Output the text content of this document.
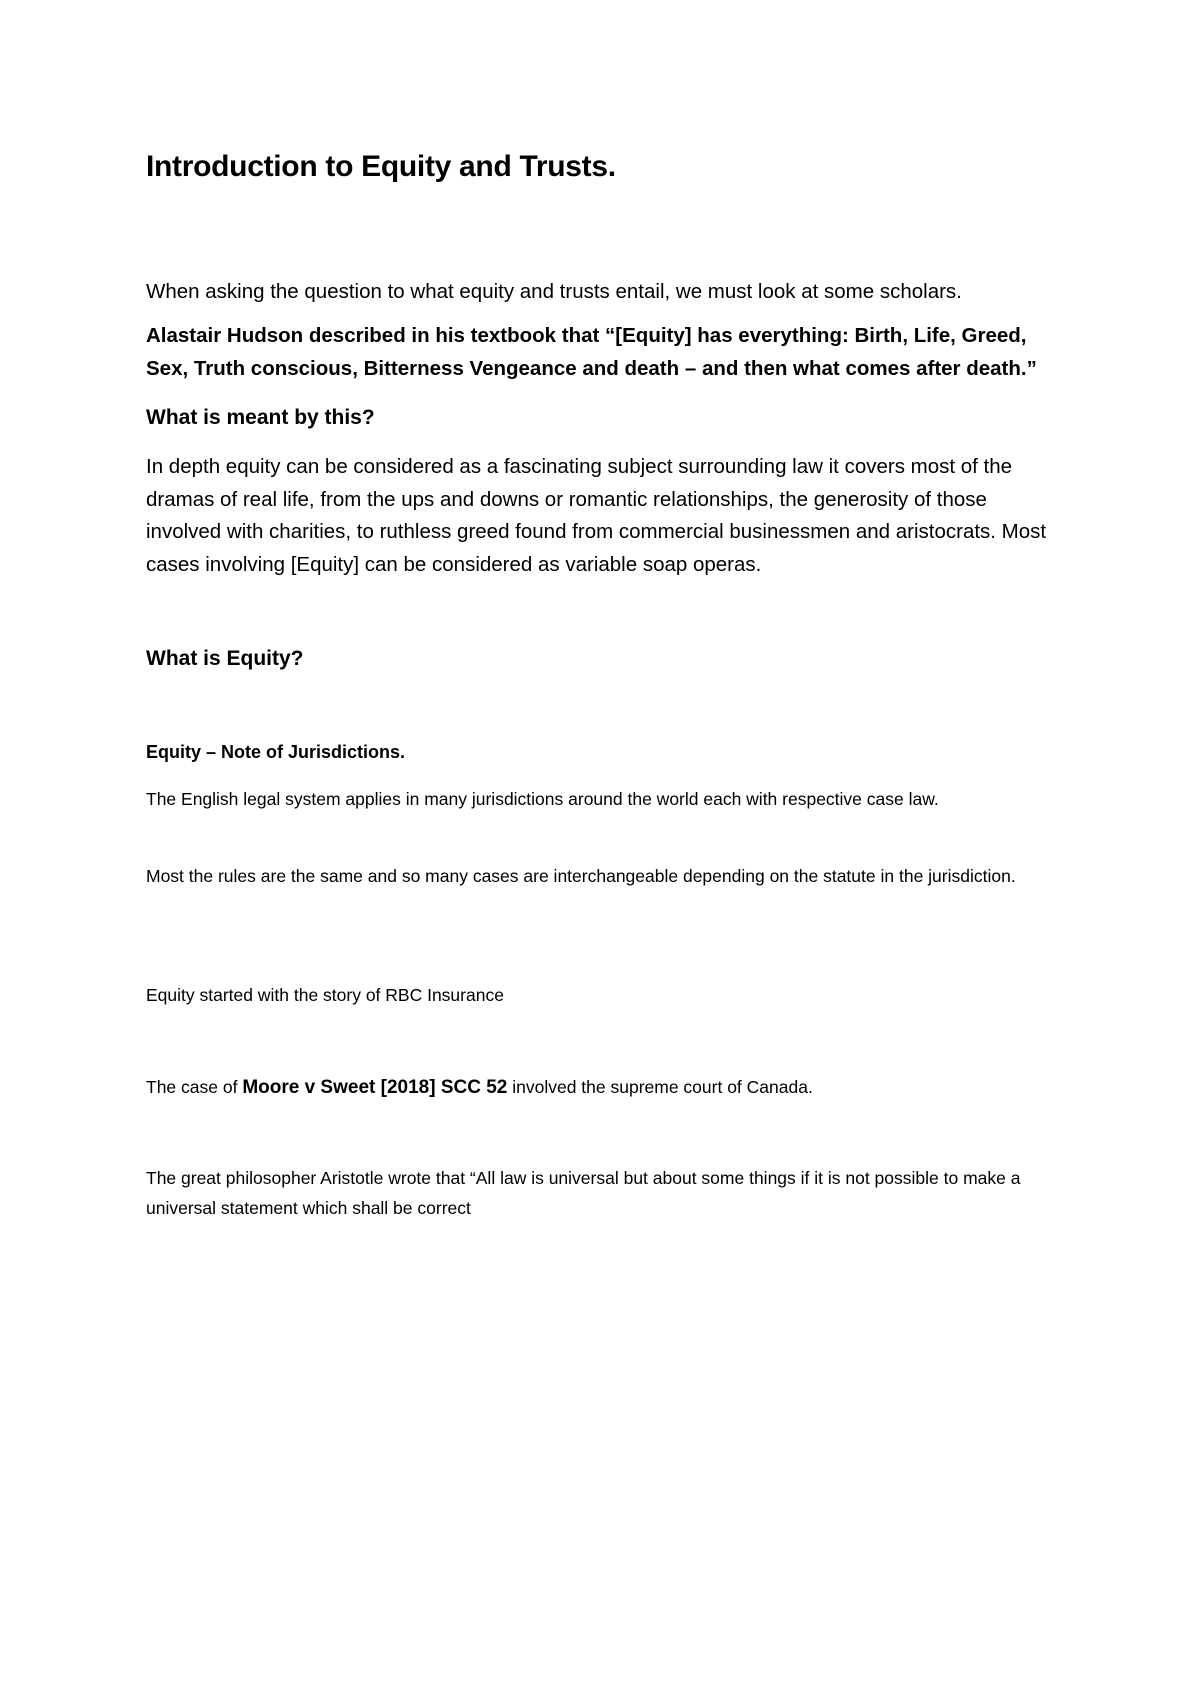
Introduction to Equity and Trusts.

When asking the question to what equity and trusts entail, we must look at some scholars.

Alastair Hudson described in his textbook that “[Equity] has everything: Birth, Life, Greed, Sex, Truth conscious, Bitterness Vengeance and death – and then what comes after death.”

What is meant by this?

In depth equity can be considered as a fascinating subject surrounding law it covers most of the dramas of real life, from the ups and downs or romantic relationships, the generosity of those involved with charities, to ruthless greed found from commercial businessmen and aristocrats. Most cases involving [Equity] can be considered as variable soap operas.

What is Equity?

Equity – Note of Jurisdictions.

The English legal system applies in many jurisdictions around the world each with respective case law.

Most the rules are the same and so many cases are interchangeable depending on the statute in the jurisdiction.

Equity started with the story of RBC Insurance

The case of Moore v Sweet [2018] SCC 52 involved the supreme court of Canada.

The great philosopher Aristotle wrote that “All law is universal but about some things if it is not possible to make a universal statement which shall be correct
